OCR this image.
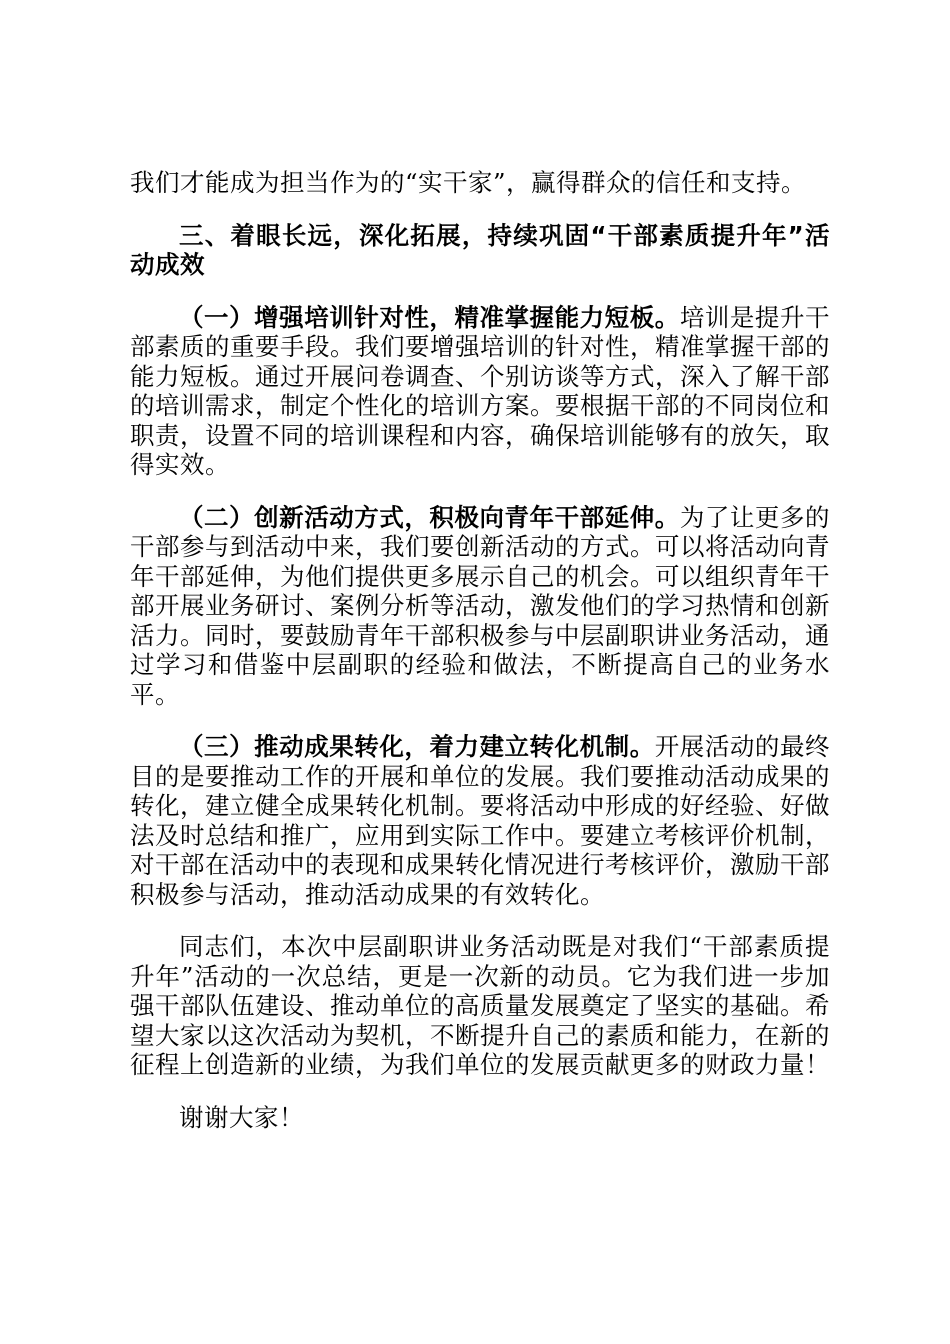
我们才能成为担当作为的“实干家”，赢得群众的信任和支持。

三、着眼长远，深化拓展，持续巩固“干部素质提升年”活动成效

（一）增强培训针对性，精准掌握能力短板。培训是提升干部素质的重要手段。我们要增强培训的针对性，精准掌握干部的能力短板。通过开展问卷调查、个别访谈等方式，深入了解干部的培训需求，制定个性化的培训方案。要根据干部的不同岗位和职责，设置不同的培训课程和内容，确保培训能够有的放矢，取得实效。

（二）创新活动方式，积极向青年干部延伸。为了让更多的干部参与到活动中来，我们要创新活动的方式。可以将活动向青年干部延伸，为他们提供更多展示自己的机会。可以组织青年干部开展业务研讨、案例分析等活动，激发他们的学习热情和创新活力。同时，要鼓励青年干部积极参与中层副职讲业务活动，通过学习和借鉴中层副职的经验和做法，不断提高自己的业务水平。

（三）推动成果转化，着力建立转化机制。开展活动的最终目的是要推动工作的开展和单位的发展。我们要推动活动成果的转化，建立健全成果转化机制。要将活动中形成的好经验、好做法及时总结和推广，应用到实际工作中。要建立考核评价机制，对干部在活动中的表现和成果转化情况进行考核评价，激励干部积极参与活动，推动活动成果的有效转化。

同志们，本次中层副职讲业务活动既是对我们“干部素质提升年”活动的一次总结，更是一次新的动员。它为我们进一步加强干部队伍建设、推动单位的高质量发展奠定了坚实的基础。希望大家以这次活动为契机，不断提升自己的素质和能力，在新的征程上创造新的业绩，为我们单位的发展贡献更多的财政力量！

谢谢大家！
